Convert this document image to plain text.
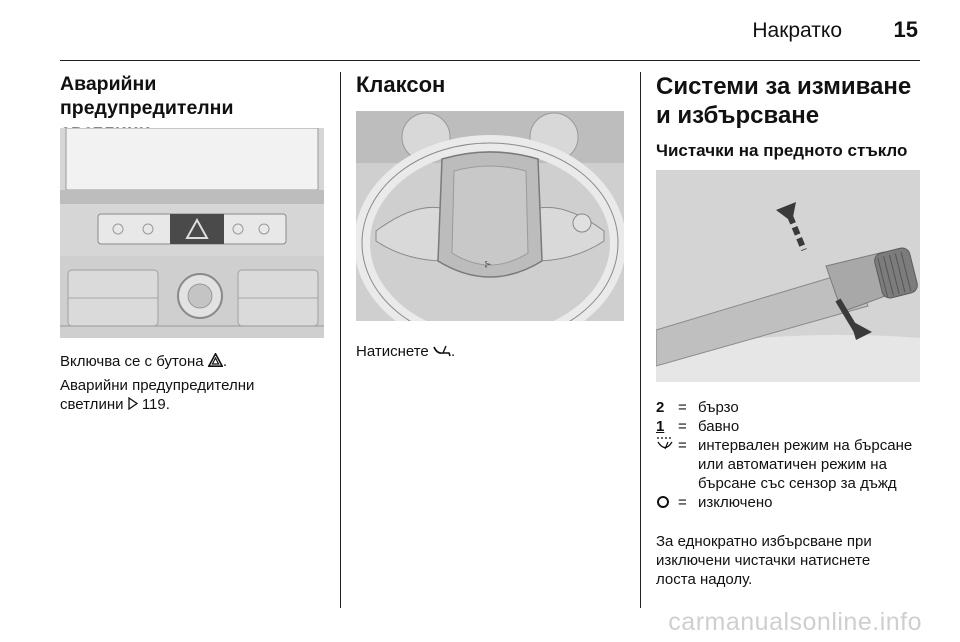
Накратко 15
Аварийни предупредителни

Включва се с бутона .

Аварийни предупредителни светлини  119.

Клаксон
⊱

Натиснете .

Системи за измиване и избърсване
Чистачки на предното стъкло
2 = бързо
1 = бавно
= интервален режим на бърсане или автоматичен режим на бърсане със сензор за дъжд
= изключено

За еднократно избърсване при изключени чистачки натиснете лоста надолу.

carmanualsonline.info
